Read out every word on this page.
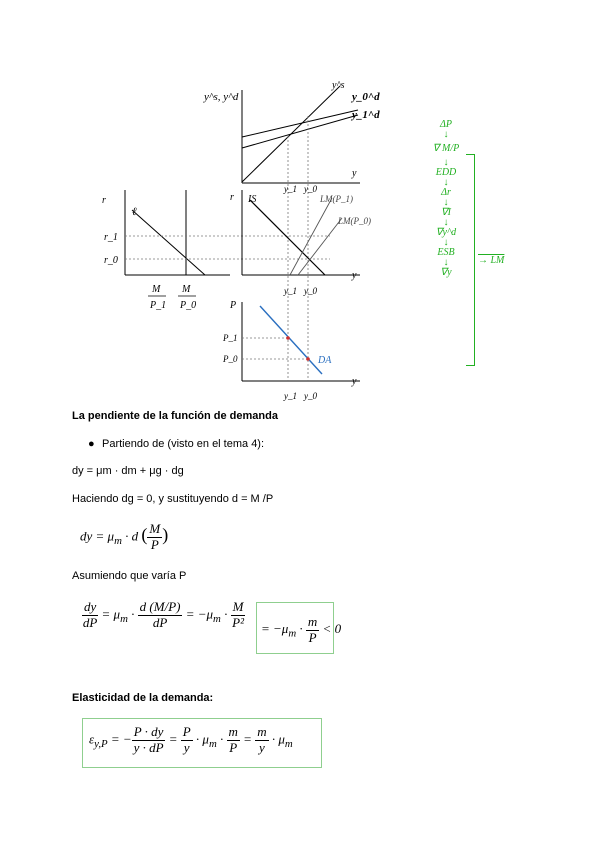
y^s, y^d
y
y^s
y_0^d
y_1^d
y_1 y_0
r
ℓ
r_1
r_0
M
P_1
M
P_0
r
y
IS	LM(P_1)
LM(P_0)
y_1 y_0
P
y
DA
P_1
P_0
y_1 y_0
ΔP
↓
∇ M/P
↓
EDD
↓
Δr
↓
∇I
↓
∇y^d
↓
ESB
↓
∇y
→ LM
La pendiente de la función de demanda
● Partiendo de (visto en el tema 4):
dy = μm · dm + μg · dg
Haciendo dg = 0, y sustituyendo d = M /P
dy = $\mu_m \cdot d$ ( $\frac{M}{P}$ )
Asumiendo que varía P
$\frac{dy}{dP} = \mu_m \cdot \frac{d (M/P)}{dP} = -\mu_m \cdot \frac{M}{\text{P²}}$	= $-\mu_m \cdot \frac{m}{P} < 0$
Elasticidad de la demanda:
$\varepsilon_{y,P}$ = − $\frac{P \cdot dy}{y \cdot dP} = \frac{P}{y} \cdot \mu_m \cdot \frac{m}{P} = \frac{m}{y} \cdot \mu_m$
